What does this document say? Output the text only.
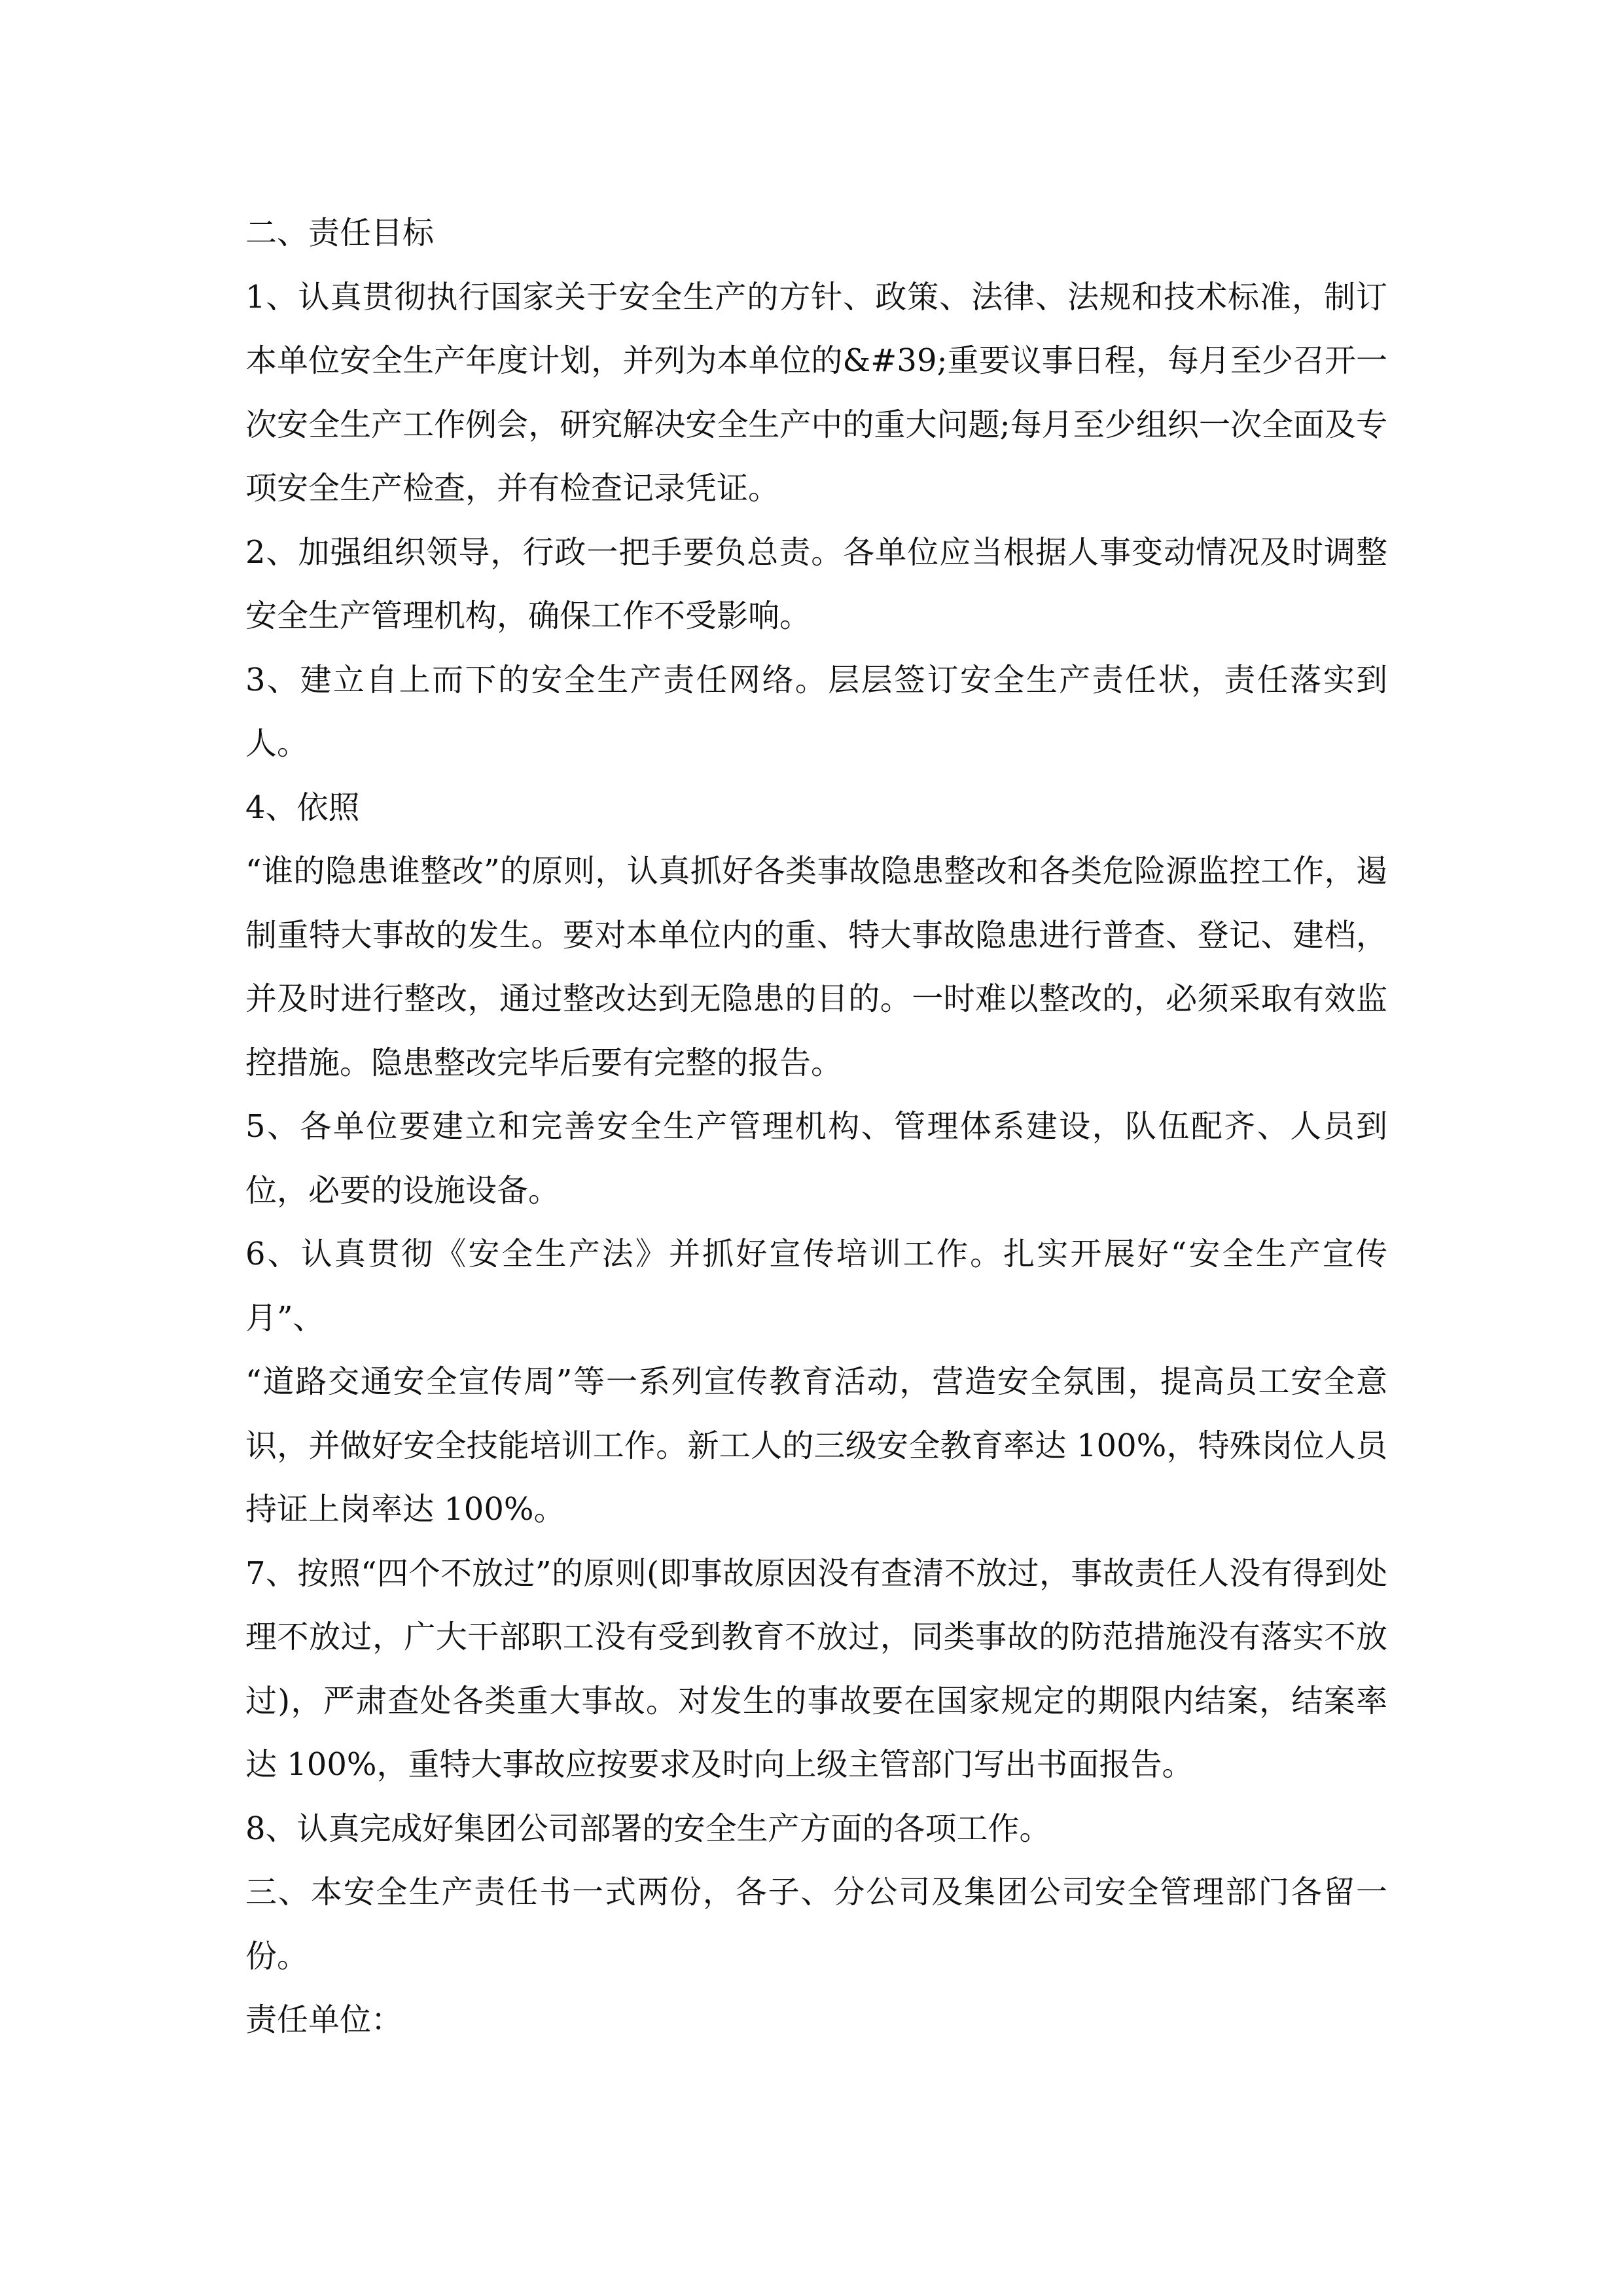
二、责任目标

1、认真贯彻执行国家关于安全生产的方针、政策、法律、法规和技术标准，制订本单位安全生产年度计划，并列为本单位的&#39;重要议事日程，每月至少召开一次安全生产工作例会，研究解决安全生产中的重大问题;每月至少组织一次全面及专项安全生产检查，并有检查记录凭证。

2、加强组织领导，行政一把手要负总责。各单位应当根据人事变动情况及时调整安全生产管理机构，确保工作不受影响。

3、建立自上而下的安全生产责任网络。层层签订安全生产责任状，责任落实到人。

4、依照

“谁的隐患谁整改”的原则，认真抓好各类事故隐患整改和各类危险源监控工作，遏制重特大事故的发生。要对本单位内的重、特大事故隐患进行普查、登记、建档，并及时进行整改，通过整改达到无隐患的目的。一时难以整改的，必须采取有效监控措施。隐患整改完毕后要有完整的报告。

5、各单位要建立和完善安全生产管理机构、管理体系建设，队伍配齐、人员到位，必要的设施设备。

6、认真贯彻《安全生产法》并抓好宣传培训工作。扎实开展好“安全生产宣传月”、

“道路交通安全宣传周”等一系列宣传教育活动，营造安全氛围，提高员工安全意识，并做好安全技能培训工作。新工人的三级安全教育率达 100%，特殊岗位人员持证上岗率达 100%。

7、按照“四个不放过”的原则(即事故原因没有查清不放过，事故责任人没有得到处理不放过，广大干部职工没有受到教育不放过，同类事故的防范措施没有落实不放过)，严肃查处各类重大事故。对发生的事故要在国家规定的期限内结案，结案率达 100%，重特大事故应按要求及时向上级主管部门写出书面报告。

8、认真完成好集团公司部署的安全生产方面的各项工作。

三、本安全生产责任书一式两份，各子、分公司及集团公司安全管理部门各留一份。

责任单位：
